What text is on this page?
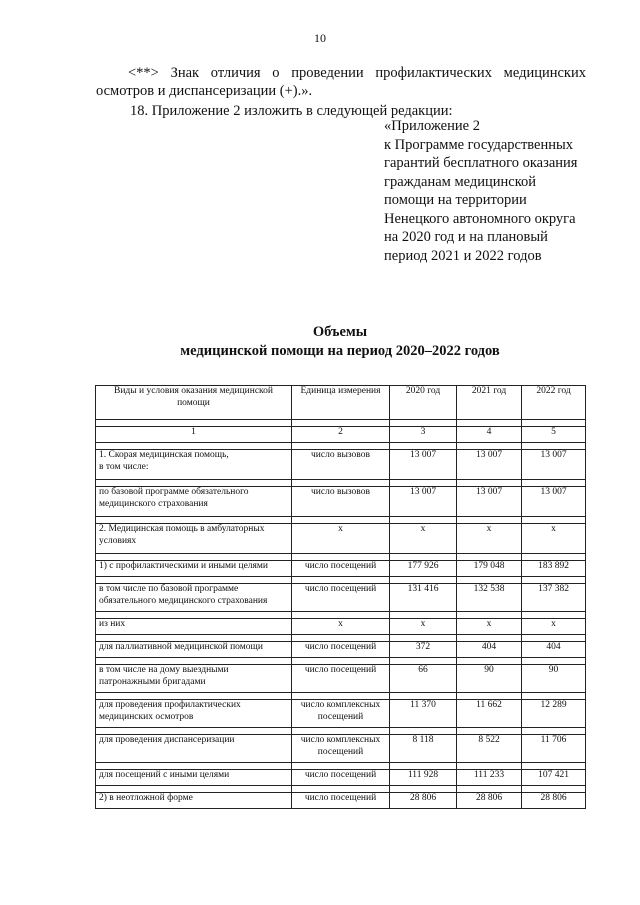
10
<**> Знак отличия о проведении профилактических медицинских
осмотров и диспансеризации (+).».
18. Приложение 2 изложить в следующей редакции:
«Приложение 2
к Программе государственных
гарантий бесплатного оказания
гражданам медицинской
помощи на территории
Ненецкого автономного округа
на 2020 год и на плановый
период 2021 и 2022 годов
Объемы
медицинской помощи на период 2020–2022 годов
Виды и условия оказания медицинской помощи	Единица измерения	2020 год	2021 год	2022 год

1	2	3	4	5

1. Скорая медицинская помощь,
в том числе:	число вызовов	13 007	13 007	13 007

по базовой программе обязательного медицинского страхования	число вызовов	13 007	13 007	13 007

2. Медицинская помощь в амбулаторных условиях	х	х	х	х

1) с профилактическими и иными целями	число посещений	177 926	179 048	183 892

в том числе по базовой программе обязательного медицинского страхования	число посещений	131 416	132 538	137 382

из них	х	х	х	х

для паллиативной медицинской помощи	число посещений	372	404	404

в том числе на дому выездными патронажными бригадами	число посещений	66	90	90

для проведения профилактических медицинских осмотров	число комплексных посещений	11 370	11 662	12 289

для проведения диспансеризации	число комплексных посещений	8 118	8 522	11 706

для посещений с иными целями	число посещений	111 928	111 233	107 421

2) в неотложной форме	число посещений	28 806	28 806	28 806
